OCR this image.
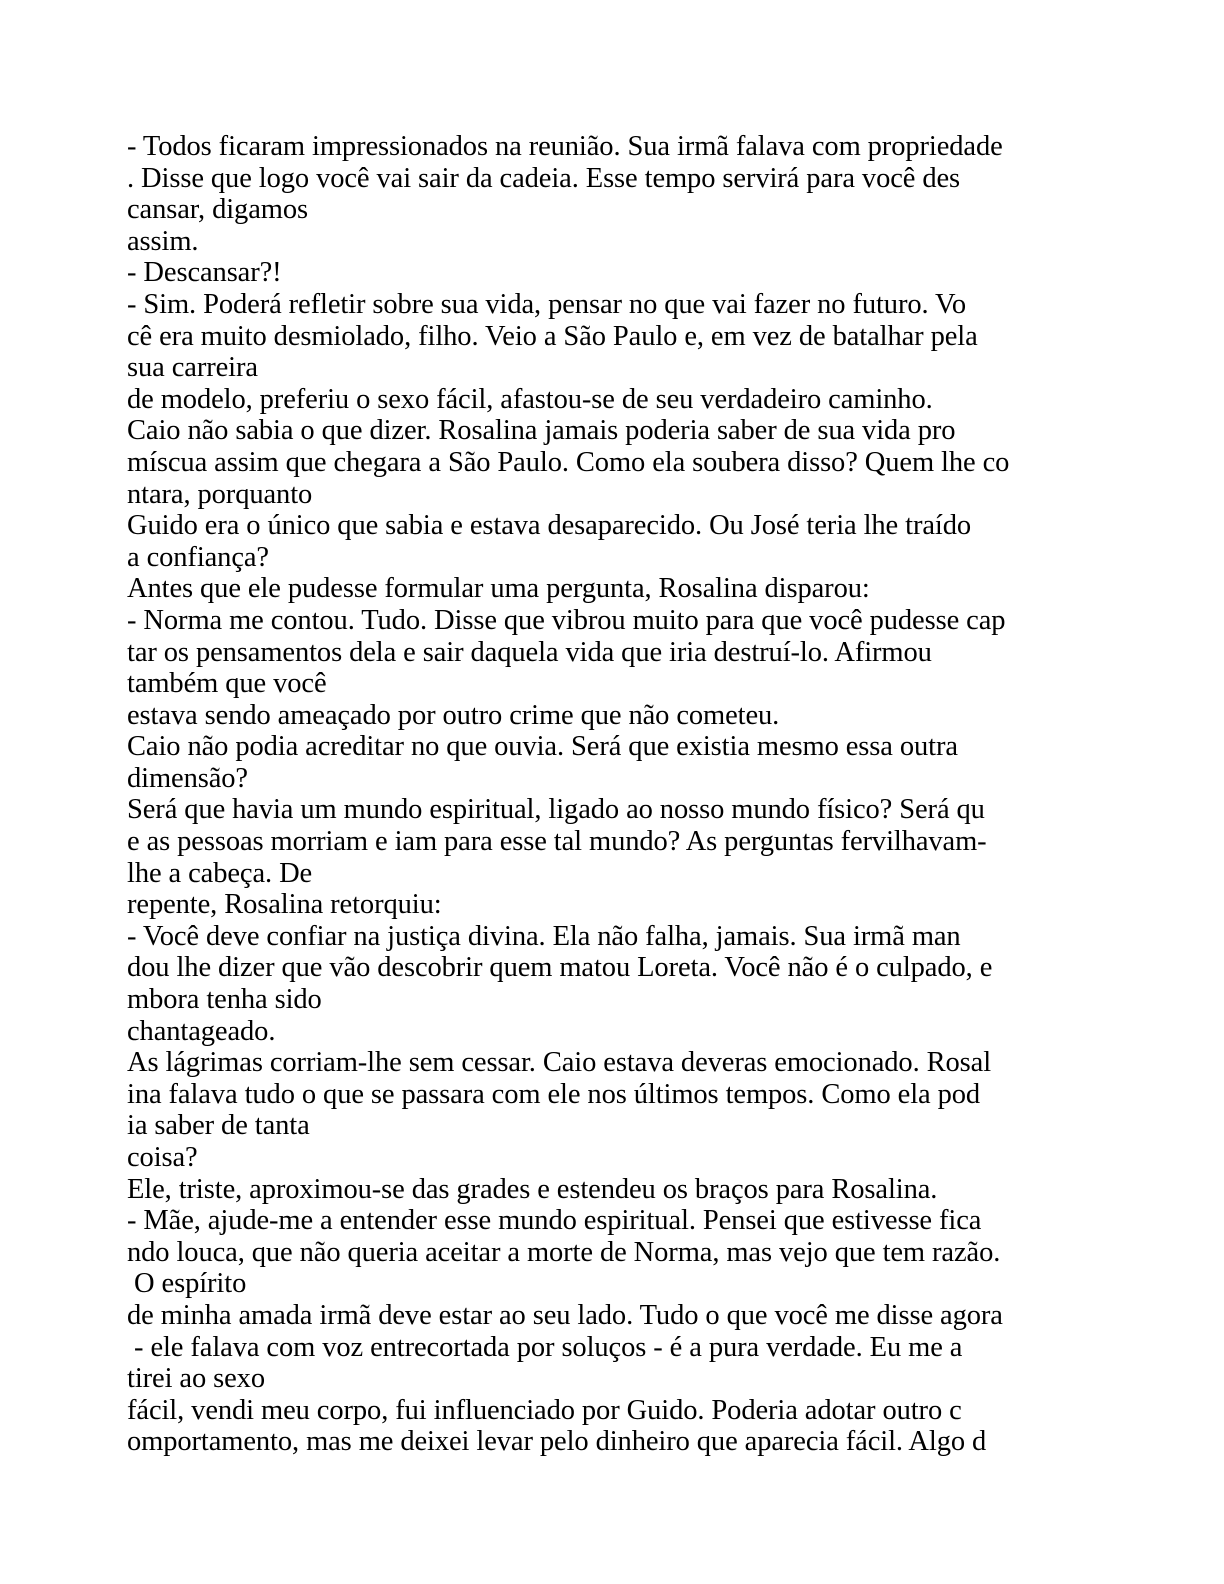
- Todos ficaram impressionados na reunião. Sua irmã falava com propriedade
. Disse que logo você vai sair da cadeia. Esse tempo servirá para você des
cansar, digamos
assim.
- Descansar?!
- Sim. Poderá refletir sobre sua vida, pensar no que vai fazer no futuro. Vo
cê era muito desmiolado, filho. Veio a São Paulo e, em vez de batalhar pela
sua carreira
de modelo, preferiu o sexo fácil, afastou-se de seu verdadeiro caminho.
Caio não sabia o que dizer. Rosalina jamais poderia saber de sua vida pro
míscua assim que chegara a São Paulo. Como ela soubera disso? Quem lhe co
ntara, porquanto
Guido era o único que sabia e estava desaparecido. Ou José teria lhe traído
a confiança?
Antes que ele pudesse formular uma pergunta, Rosalina disparou:
- Norma me contou. Tudo. Disse que vibrou muito para que você pudesse cap
tar os pensamentos dela e sair daquela vida que iria destruí-lo. Afirmou
também que você
estava sendo ameaçado por outro crime que não cometeu.
Caio não podia acreditar no que ouvia. Será que existia mesmo essa outra
dimensão?
Será que havia um mundo espiritual, ligado ao nosso mundo físico? Será qu
e as pessoas morriam e iam para esse tal mundo? As perguntas fervilhavam-
lhe a cabeça. De
repente, Rosalina retorquiu:
- Você deve confiar na justiça divina. Ela não falha, jamais. Sua irmã man
dou lhe dizer que vão descobrir quem matou Loreta. Você não é o culpado, e
mbora tenha sido
chantageado.
As lágrimas corriam-lhe sem cessar. Caio estava deveras emocionado. Rosal
ina falava tudo o que se passara com ele nos últimos tempos. Como ela pod
ia saber de tanta
coisa?
Ele, triste, aproximou-se das grades e estendeu os braços para Rosalina.
- Mãe, ajude-me a entender esse mundo espiritual. Pensei que estivesse fica
ndo louca, que não queria aceitar a morte de Norma, mas vejo que tem razão.
O espírito
de minha amada irmã deve estar ao seu lado. Tudo o que você me disse agora
- ele falava com voz entrecortada por soluços - é a pura verdade. Eu me a
tirei ao sexo
fácil, vendi meu corpo, fui influenciado por Guido. Poderia adotar outro c
omportamento, mas me deixei levar pelo dinheiro que aparecia fácil. Algo d
